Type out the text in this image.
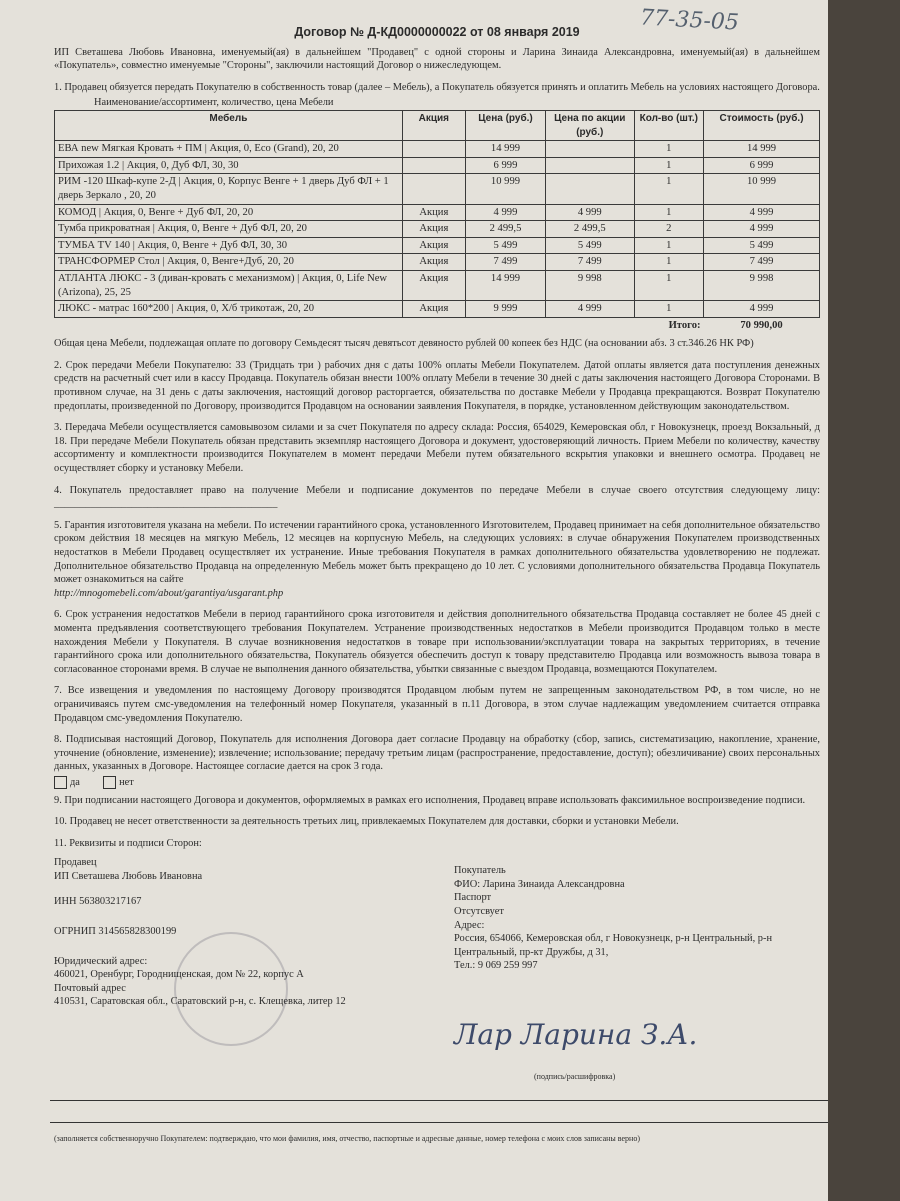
77-35-05
Договор № Д-КД0000000022 от 08 января 2019

ИП Светашева Любовь Ивановна, именуемый(ая) в дальнейшем "Продавец" с одной стороны и Ларина Зинаида Александровна, именуемый(ая) в дальнейшем «Покупатель», совместно именуемые "Стороны", заключили настоящий Договор о нижеследующем.

1. Продавец обязуется передать Покупателю в собственность товар (далее – Мебель), а Покупатель обязуется принять и оплатить Мебель на условиях настоящего Договора.

Наименование/ассортимент, количество, цена Мебели
Мебель	Акция	Цена (руб.)	Цена по акции (руб.)	Кол-во (шт.)	Стоимость (руб.)
ЕВА new Мягкая Кровать + ПМ | Акция, 0, Eco (Grand), 20, 20		14 999		1	14 999
Прихожая 1.2 | Акция, 0, Дуб ФЛ, 30, 30		6 999		1	6 999
РИМ -120 Шкаф-купе 2-Д | Акция, 0, Корпус Венге + 1 дверь Дуб ФЛ + 1 дверь Зеркало , 20, 20		10 999		1	10 999
КОМОД | Акция, 0, Венге + Дуб ФЛ, 20, 20	Акция	4 999	4 999	1	4 999
Тумба прикроватная | Акция, 0, Венге + Дуб ФЛ, 20, 20	Акция	2 499,5	2 499,5	2	4 999
ТУМБА TV 140 | Акция, 0, Венге + Дуб ФЛ, 30, 30	Акция	5 499	5 499	1	5 499
ТРАНСФОРМЕР Стол | Акция, 0, Венге+Дуб, 20, 20	Акция	7 499	7 499	1	7 499
АТЛАНТА ЛЮКС - 3 (диван-кровать с механизмом) | Акция, 0, Life New (Arizona), 25, 25	Акция	14 999	9 998	1	9 998
ЛЮКС - матрас 160*200 | Акция, 0, Х/б трикотаж, 20, 20	Акция	9 999	4 999	1	4 999
Итого:					70 990,00

Общая цена Мебели, подлежащая оплате по договору Семьдесят тысяч девятьсот девяносто рублей 00 копеек без НДС (на основании абз. 3 ст.346.26 НК РФ)

2. Срок передачи Мебели Покупателю: 33 (Тридцать три ) рабочих дня с даты 100% оплаты Мебели Покупателем. Датой оплаты является дата поступления денежных средств на расчетный счет или в кассу Продавца. Покупатель обязан внести 100% оплату Мебели в течение 30 дней с даты заключения настоящего Договора Сторонами. В противном случае, на 31 день с даты заключения, настоящий договор расторгается, обязательства по доставке Мебели у Продавца прекращаются. Возврат Покупателю предоплаты, произведенной по Договору, производится Продавцом на основании заявления Покупателя, в порядке, установленном действующим законодательством.

3. Передача Мебели осуществляется самовывозом силами и за счет Покупателя по адресу склада: Россия, 654029, Кемеровская обл, г Новокузнецк, проезд Вокзальный, д 18. При передаче Мебели Покупатель обязан представить экземпляр настоящего Договора и документ, удостоверяющий личность. Прием Мебели по количеству, качеству ассортименту и комплектности производится Покупателем в момент передачи Мебели путем обязательного вскрытия упаковки и внешнего осмотра. Продавец не осуществляет сборку и установку Мебели.

4. Покупатель предоставляет право на получение Мебели и подписание документов по передаче Мебели в случае своего отсутствия следующему лицу: ___________________________________________

5. Гарантия изготовителя указана на мебели. По истечении гарантийного срока, установленного Изготовителем, Продавец принимает на себя дополнительное обязательство сроком действия 18 месяцев на мягкую Мебель, 12 месяцев на корпусную Мебель, на следующих условиях: в случае обнаружения Покупателем производственных недостатков в Мебели Продавец осуществляет их устранение. Иные требования Покупателя в рамках дополнительного обязательства удовлетворению не подлежат. Дополнительное обязательство Продавца на определенную Мебель может быть прекращено до 10 лет. С условиями дополнительного обязательства Продавца Покупатель может ознакомиться на сайте

http://mnogomebeli.com/about/garantiya/usgarant.php

6. Срок устранения недостатков Мебели в период гарантийного срока изготовителя и действия дополнительного обязательства Продавца составляет не более 45 дней с момента предъявления соответствующего требования Покупателем. Устранение производственных недостатков в Мебели производится Продавцом только в месте нахождения Мебели у Покупателя. В случае возникновения недостатков в товаре при использовании/эксплуатации товара на закрытых территориях, в течение гарантийного срока или дополнительного обязательства, Покупатель обязуется обеспечить доступ к товару представителю Продавца или возможность вывоза товара в согласованное сторонами время. В случае не выполнения данного обязательства, убытки связанные с выездом Продавца, возмещаются Покупателем.

7. Все извещения и уведомления по настоящему Договору производятся Продавцом любым путем не запрещенным законодательством РФ, в том числе, но не ограничиваясь путем смс-уведомления на телефонный номер Покупателя, указанный в п.11 Договора, в этом случае надлежащим уведомлением считается отправка Продавцом смс-уведомления Покупателю.

8. Подписывая настоящий Договор, Покупатель для исполнения Договора дает согласие Продавцу на обработку (сбор, запись, систематизацию, накопление, хранение, уточнение (обновление, изменение); извлечение; использование; передачу третьим лицам (распространение, предоставление, доступ); обезличивание) своих персональных данных, указанных в Договоре. Настоящее согласие дается на срок 3 года.

да	нет

9. При подписании настоящего Договора и документов, оформляемых в рамках его исполнения, Продавец вправе использовать факсимильное воспроизведение подписи.

10. Продавец не несет ответственности за деятельность третьих лиц, привлекаемых Покупателем для доставки, сборки и установки Мебели.

11. Реквизиты и подписи Сторон:
Продавец
ИП Светашева Любовь Ивановна
ИНН 563803217167
ОГРНИП 314565828300199
Юридический адрес:
460021, Оренбург, Городнищенская, дом № 22, корпус А
Почтовый адрес
410531, Саратовская обл., Саратовский р-н, с. Клещевка, литер 12
Покупатель
ФИО: Ларина Зинаида Александровна
Паспорт
Отсутсвует
Адрес:
Россия, 654066, Кемеровская обл, г Новокузнецк, р-н Центральный, р-н Центральный, пр-кт Дружбы, д 31,
Тел.: 9 069 259 997
Лар Ларина З.А.
(подпись/расшифровка)
(заполняется собственноручно Покупателем: подтверждаю, что мои фамилия, имя, отчество, паспортные и адресные данные, номер телефона с моих слов записаны верно)
